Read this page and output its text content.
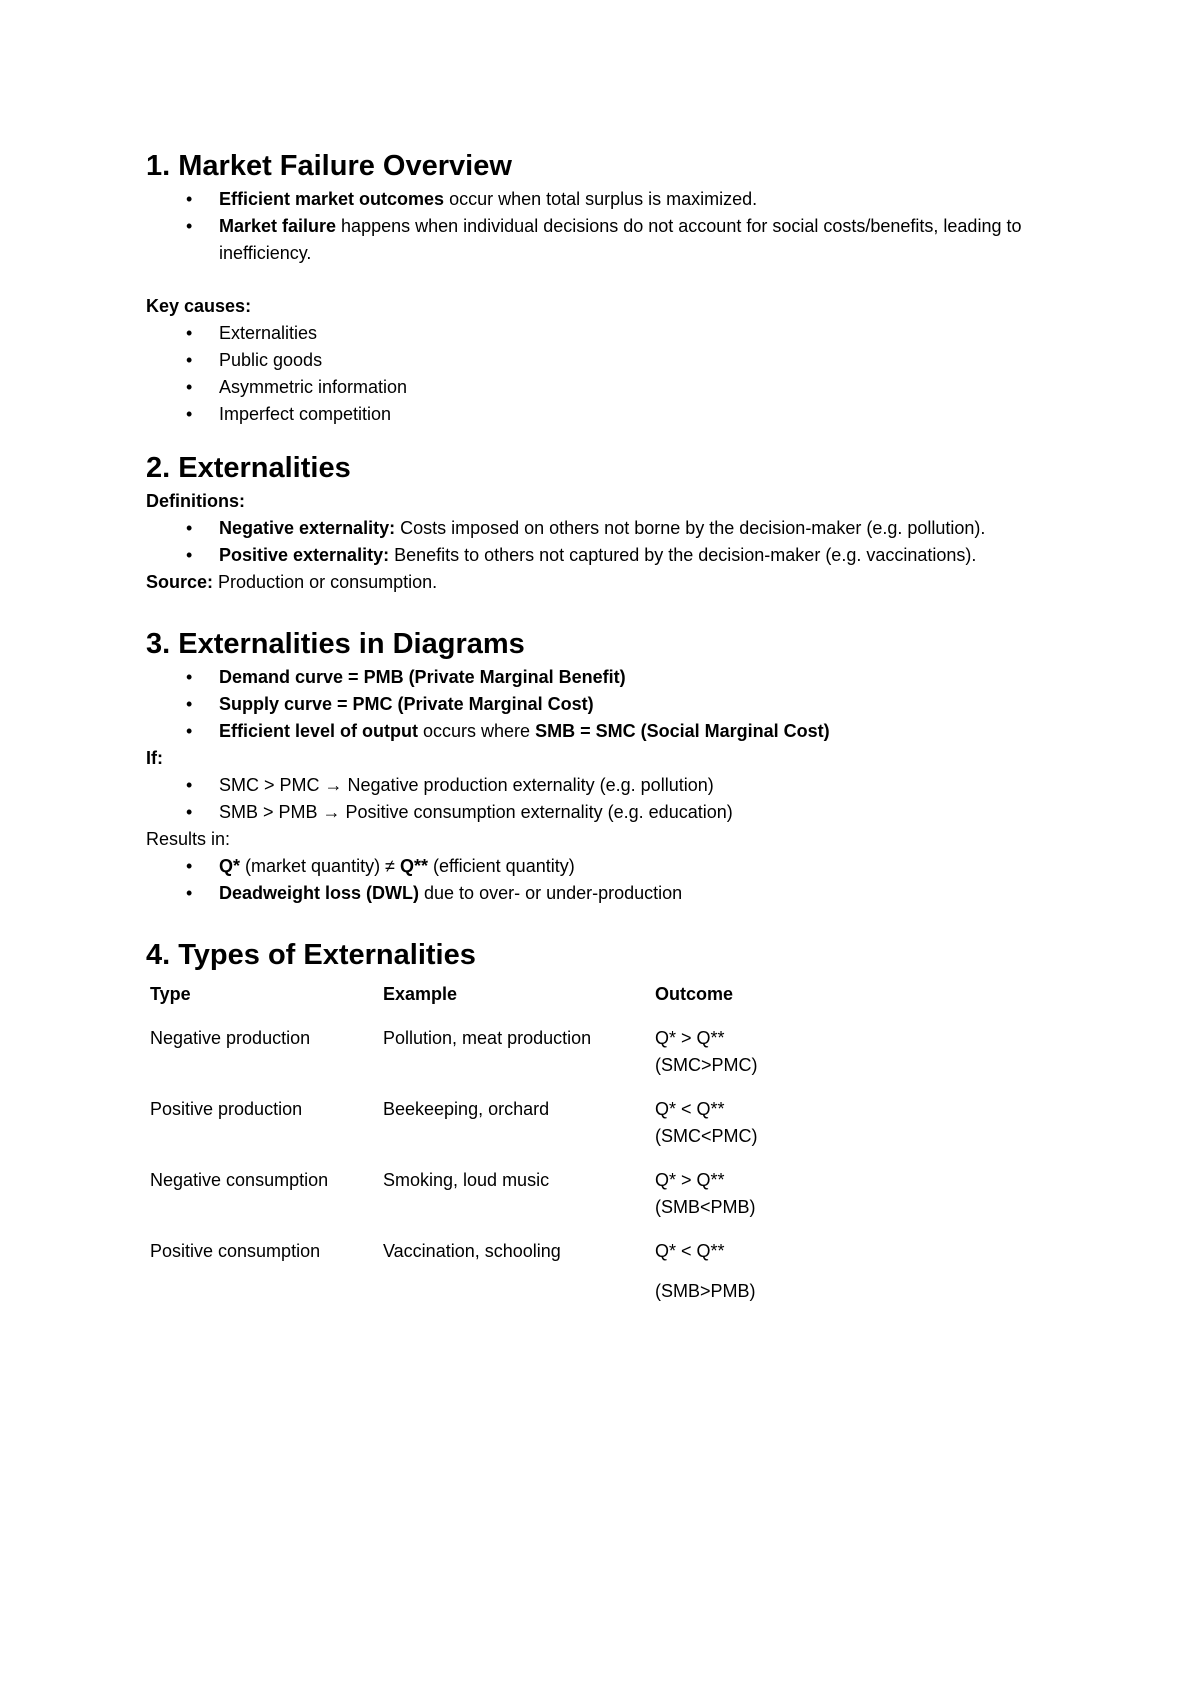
1. Market Failure Overview
• Efficient market outcomes occur when total surplus is maximized.
• Market failure happens when individual decisions do not account for social costs/benefits, leading to inefficiency.

Key causes:

• Externalities
• Public goods
• Asymmetric information
• Imperfect competition
2. Externalities

Definitions:

• Negative externality: Costs imposed on others not borne by the decision-maker (e.g. pollution).
• Positive externality: Benefits to others not captured by the decision-maker (e.g. vaccinations).

Source: Production or consumption.

3. Externalities in Diagrams
• Demand curve = PMB (Private Marginal Benefit)
• Supply curve = PMC (Private Marginal Cost)
• Efficient level of output occurs where SMB = SMC (Social Marginal Cost)

If:

• SMC > PMC → Negative production externality (e.g. pollution)
• SMB > PMB → Positive consumption externality (e.g. education)

Results in:

• Q* (market quantity) ≠ Q** (efficient quantity)
• Deadweight loss (DWL) due to over- or under-production
4. Types of Externalities
Type	Example	Outcome
Negative production	Pollution, meat production	Q* > Q**
(SMC>PMC)

Positive production	Beekeeping, orchard	Q* < Q**
(SMC<PMC)

Negative consumption	Smoking, loud music	Q* > Q**
(SMB<PMB)

Positive consumption	Vaccination, schooling	Q* < Q**
(SMB>PMB)
